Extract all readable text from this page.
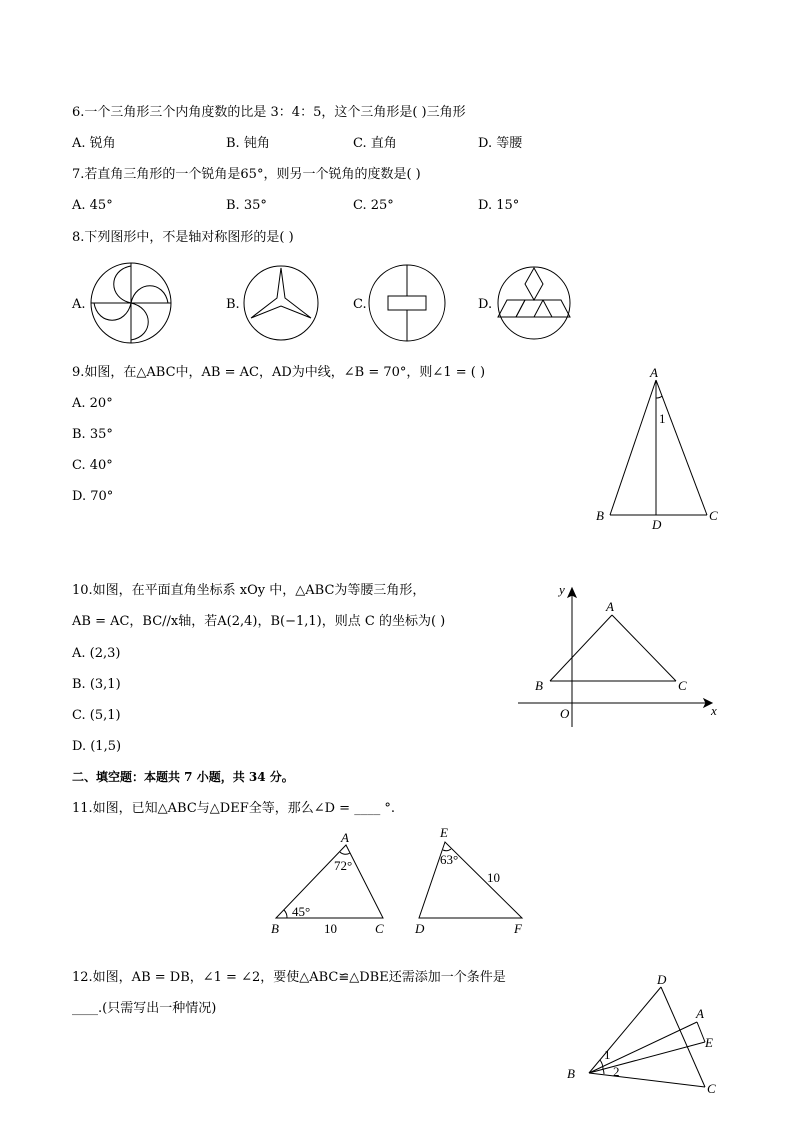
6.一个三角形三个内角度数的比是 3：4：5，这个三角形是( )三角形
A. 锐角	B. 钝角	C. 直角	D. 等腰
7.若直角三角形的一个锐角是65°，则另一个锐角的度数是( )
A. 45°	B. 35°	C. 25°	D. 15°
8.下列图形中，不是轴对称图形的是( )
A.	B.	C.	D.
9.如图，在△ABC中，AB = AC，AD为中线，∠B = 70°，则∠1 = ( )
A. 20°
B. 35°
C. 40°
D. 70°
10.如图，在平面直角坐标系 xOy 中，△ABC为等腰三角形，
AB = AC，BC//x轴，若A(2,4)，B(−1,1)，则点 C 的坐标为( )
A. (2,3)
B. (3,1)
C. (5,1)
D. (1,5)
二、填空题：本题共 7 小题，共 34 分。
11.如图，已知△ABC与△DEF全等，那么∠D = ____ °.
12.如图，AB = DB，∠1 = ∠2，要使△ABC≌△DBE还需添加一个条件是
____.(只需写出一种情况)
A
B	C
D
1
A
B	C
O	x
y
A
B	C
72°
45°
10
E
D	F
63°
10
D
A
E
B
C
1
2
